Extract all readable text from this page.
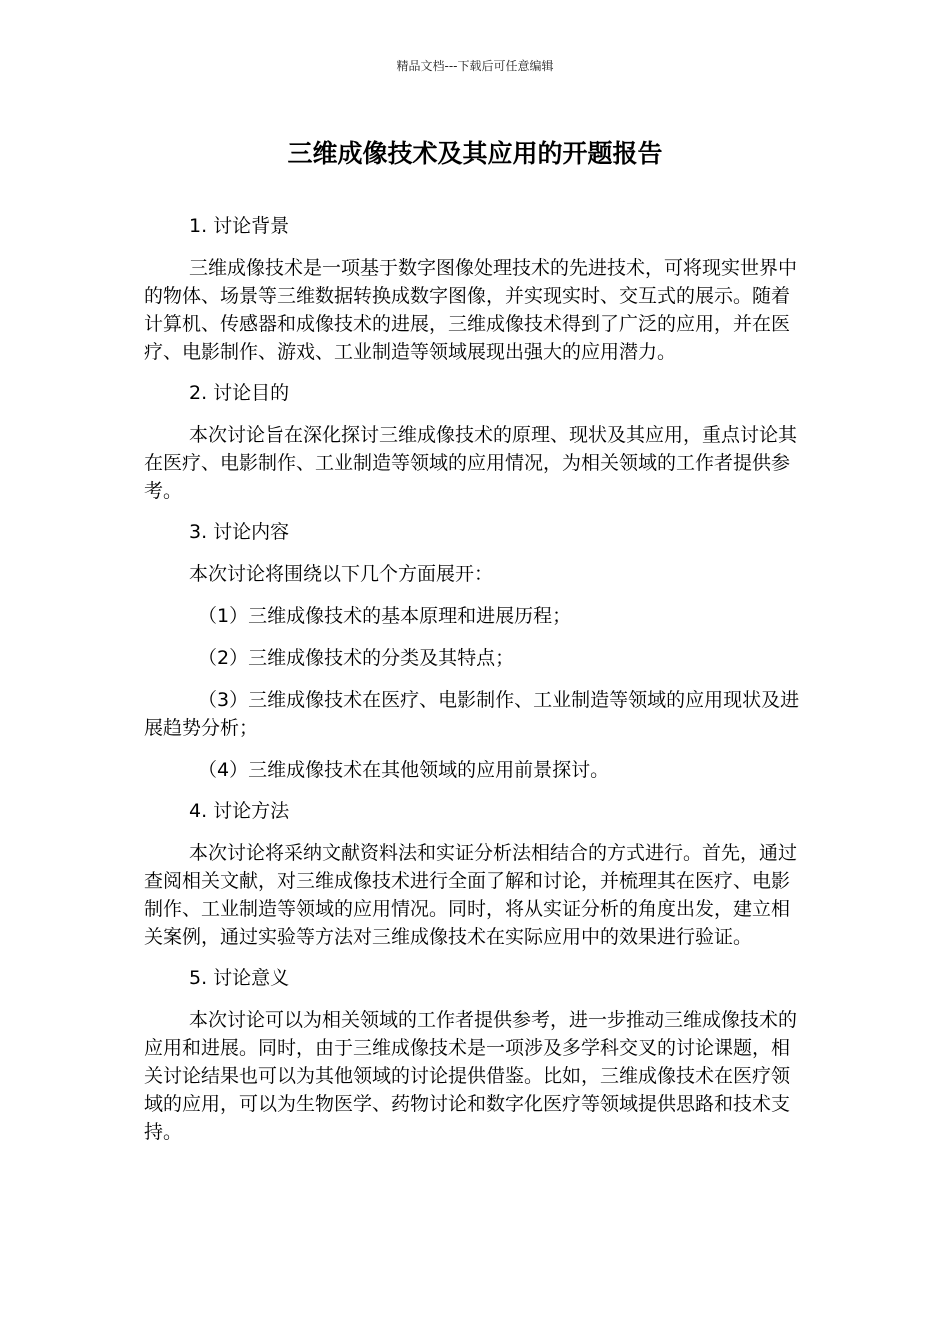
精品文档---下载后可任意编辑
三维成像技术及其应用的开题报告

1. 讨论背景

三维成像技术是一项基于数字图像处理技术的先进技术，可将现实世界中的物体、场景等三维数据转换成数字图像，并实现实时、交互式的展示。随着计算机、传感器和成像技术的进展，三维成像技术得到了广泛的应用，并在医疗、电影制作、游戏、工业制造等领域展现出强大的应用潜力。

2. 讨论目的

本次讨论旨在深化探讨三维成像技术的原理、现状及其应用，重点讨论其在医疗、电影制作、工业制造等领域的应用情况，为相关领域的工作者提供参考。

3. 讨论内容

本次讨论将围绕以下几个方面展开：

（1）三维成像技术的基本原理和进展历程；

（2）三维成像技术的分类及其特点；

（3）三维成像技术在医疗、电影制作、工业制造等领域的应用现状及进展趋势分析；

（4）三维成像技术在其他领域的应用前景探讨。

4. 讨论方法

本次讨论将采纳文献资料法和实证分析法相结合的方式进行。首先，通过查阅相关文献，对三维成像技术进行全面了解和讨论，并梳理其在医疗、电影制作、工业制造等领域的应用情况。同时，将从实证分析的角度出发，建立相关案例，通过实验等方法对三维成像技术在实际应用中的效果进行验证。

5. 讨论意义

本次讨论可以为相关领域的工作者提供参考，进一步推动三维成像技术的应用和进展。同时，由于三维成像技术是一项涉及多学科交叉的讨论课题，相关讨论结果也可以为其他领域的讨论提供借鉴。比如，三维成像技术在医疗领域的应用，可以为生物医学、药物讨论和数字化医疗等领域提供思路和技术支持。
